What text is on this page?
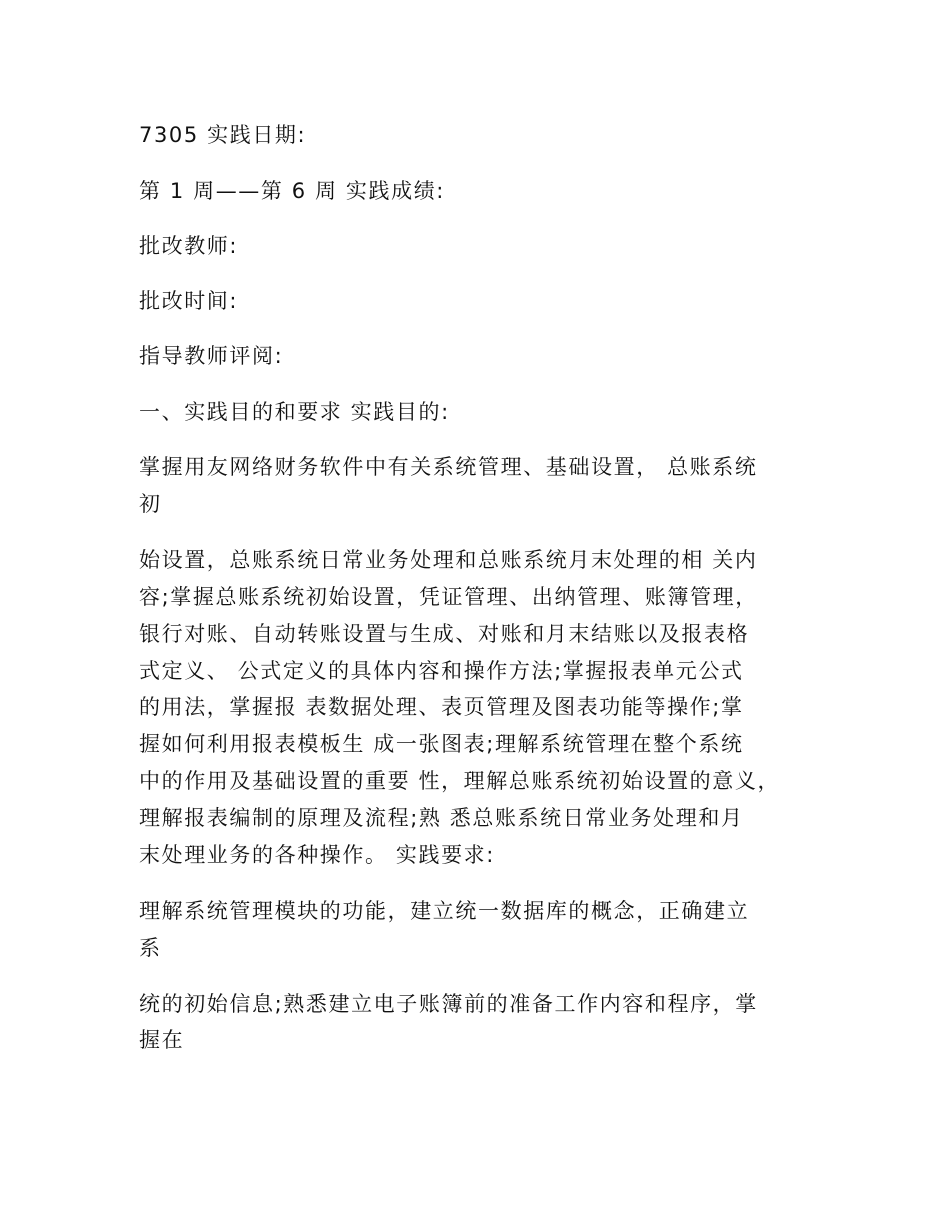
7305 实践日期:
第 1 周——第 6 周 实践成绩:
批改教师:
批改时间:
指导教师评阅:
一、实践目的和要求 实践目的:
掌握用友网络财务软件中有关系统管理、基础设置， 总账系统
初
始设置，总账系统日常业务处理和总账系统月末处理的相 关内
容;掌握总账系统初始设置，凭证管理、出纳管理、账簿管理，
银行对账、自动转账设置与生成、对账和月末结账以及报表格
式定义、 公式定义的具体内容和操作方法;掌握报表单元公式
的用法，掌握报 表数据处理、表页管理及图表功能等操作;掌
握如何利用报表模板生 成一张图表;理解系统管理在整个系统
中的作用及基础设置的重要 性，理解总账系统初始设置的意义，
理解报表编制的原理及流程;熟 悉总账系统日常业务处理和月
末处理业务的各种操作。 实践要求:
理解系统管理模块的功能，建立统一数据库的概念，正确建立
系
统的初始信息;熟悉建立电子账簿前的准备工作内容和程序，掌
握在
